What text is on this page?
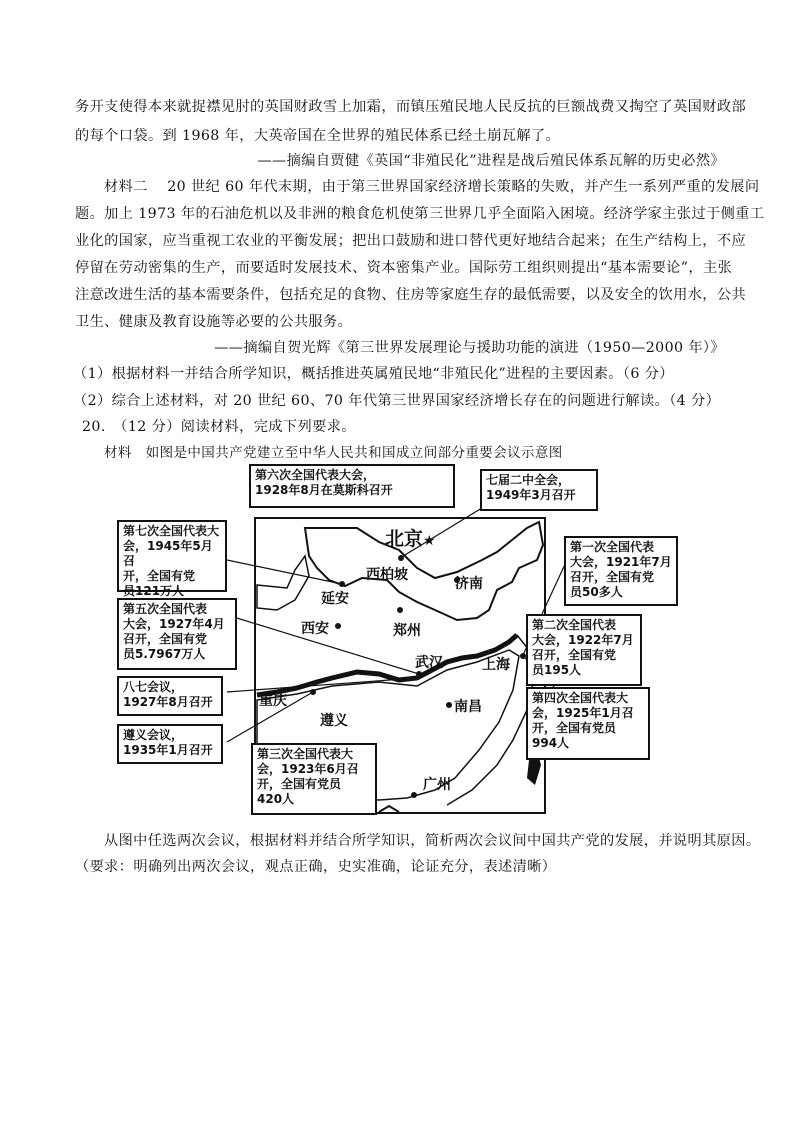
务开支使得本来就捉襟见肘的英国财政雪上加霜，而镇压殖民地人民反抗的巨额战费又掏空了英国财政部
的每个口袋。到 1968 年，大英帝国在全世界的殖民体系已经土崩瓦解了。
——摘编自贾健《英国“非殖民化”进程是战后殖民体系瓦解的历史必然》
材料二　 20 世纪 60 年代末期，由于第三世界国家经济增长策略的失败，并产生一系列严重的发展问
题。加上 1973 年的石油危机以及非洲的粮食危机使第三世界几乎全面陷入困境。经济学家主张过于侧重工
业化的国家，应当重视工农业的平衡发展；把出口鼓励和进口替代更好地结合起来；在生产结构上，不应
停留在劳动密集的生产，而要适时发展技术、资本密集产业。国际劳工组织则提出“基本需要论”，主张
注意改进生活的基本需要条件，包括充足的食物、住房等家庭生存的最低需要，以及安全的饮用水，公共
卫生、健康及教育设施等必要的公共服务。
——摘编自贺光辉《第三世界发展理论与援助功能的演进（1950—2000 年）》
（1）根据材料一并结合所学知识，概括推进英属殖民地“非殖民化”进程的主要因素。（6 分）
（2）综合上述材料，对 20 世纪 60、70 年代第三世界国家经济增长存在的问题进行解读。（4 分）
20.　（12 分）阅读材料，完成下列要求。
材料　如图是中国共产党建立至中华人民共和国成立间部分重要会议示意图
北京★
延安
西柏坡
济南
西安	郑州
武汉	上海
重庆
遵义
南昌
广州
第六次全国代表大会，
1928年8月在莫斯科召开
七届二中全会，
1949年3月召开
第七次全国代表大
会，1945年5月召
开，全国有党
员121万人
第一次全国代表
大会，1921年7月
召开，全国有党
员50多人
第五次全国代表
大会，1927年4月
召开，全国有党
员5.7967万人
第二次全国代表
大会，1922年7月
召开，全国有党
员195人
八七会议，
1927年8月召开	第四次全国代表大
会，1925年1月召
开，全国有党员
994人
遵义会议，
1935年1月召开	第三次全国代表大
会，1923年6月召
开，全国有党员
420人
从图中任选两次会议，根据材料并结合所学知识，简析两次会议间中国共产党的发展，并说明其原因。
（要求：明确列出两次会议，观点正确，史实准确，论证充分，表述清晰）
